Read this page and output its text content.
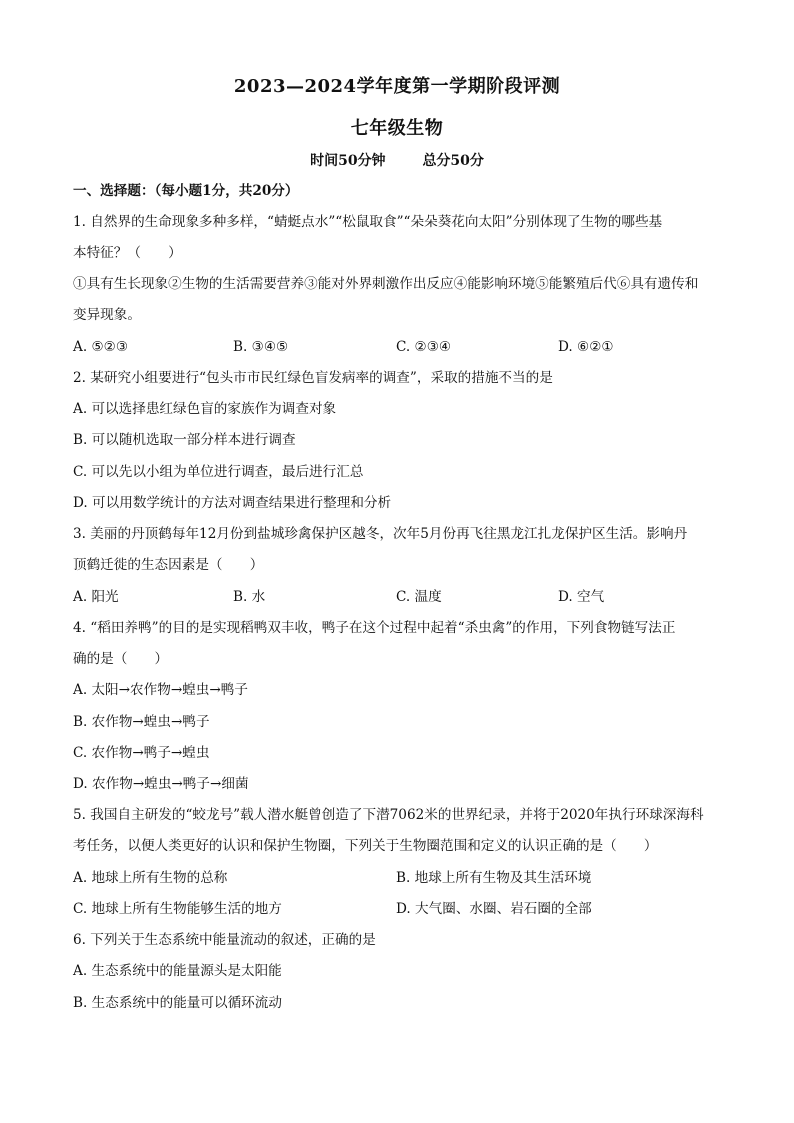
2023—2024学年度第一学期阶段评测
七年级生物
时间50分钟	总分50分
一、选择题：（每小题1分，共20分）
1. 自然界的生命现象多种多样，“蜻蜓点水”“松鼠取食”“朵朵葵花向太阳”分别体现了生物的哪些基
本特征？（　　）
①具有生长现象②生物的生活需要营养③能对外界刺激作出反应④能影响环境⑤能繁殖后代⑥具有遗传和
变异现象。
A. ⑤②③	B. ③④⑤	C. ②③④	D. ⑥②①
2. 某研究小组要进行“包头市市民红绿色盲发病率的调查”，采取的措施不当的是
A. 可以选择患红绿色盲的家族作为调查对象
B. 可以随机选取一部分样本进行调查
C. 可以先以小组为单位进行调查，最后进行汇总
D. 可以用数学统计的方法对调查结果进行整理和分析
3. 美丽的丹顶鹤每年12月份到盐城珍禽保护区越冬，次年5月份再飞往黑龙江扎龙保护区生活。影响丹
顶鹤迁徙的生态因素是（　　）
A. 阳光	B. 水	C. 温度	D. 空气
4. “稻田养鸭”的目的是实现稻鸭双丰收，鸭子在这个过程中起着“杀虫禽”的作用，下列食物链写法正
确的是（　　）
A. 太阳→农作物→蝗虫→鸭子
B. 农作物→蝗虫→鸭子
C. 农作物→鸭子→蝗虫
D. 农作物→蝗虫→鸭子→细菌
5. 我国自主研发的“蛟龙号”载人潜水艇曾创造了下潜7062米的世界纪录，并将于2020年执行环球深海科
考任务，以便人类更好的认识和保护生物圈，下列关于生物圈范围和定义的认识正确的是（　　）
A. 地球上所有生物的总称	B. 地球上所有生物及其生活环境
C. 地球上所有生物能够生活的地方	D. 大气圈、水圈、岩石圈的全部
6. 下列关于生态系统中能量流动的叙述，正确的是
A. 生态系统中的能量源头是太阳能
B. 生态系统中的能量可以循环流动
